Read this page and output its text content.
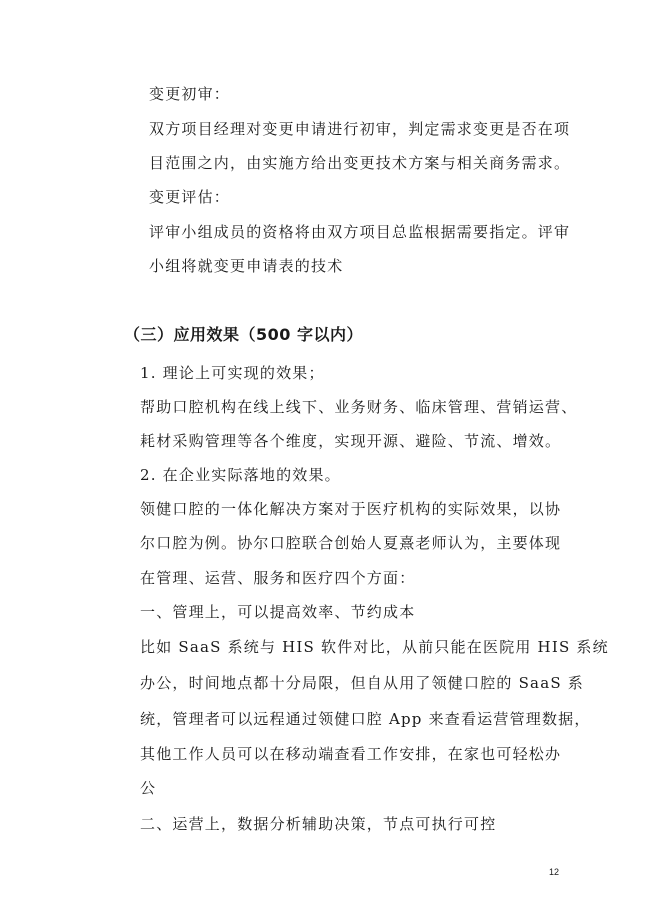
变更初审：
双方项目经理对变更申请进行初审，判定需求变更是否在项
目范围之内，由实施方给出变更技术方案与相关商务需求。
变更评估：
评审小组成员的资格将由双方项目总监根据需要指定。评审
小组将就变更申请表的技术
（三）应用效果（500 字以内）
1. 理论上可实现的效果；
帮助口腔机构在线上线下、业务财务、临床管理、营销运营、
耗材采购管理等各个维度，实现开源、避险、节流、增效。
2. 在企业实际落地的效果。
领健口腔的一体化解决方案对于医疗机构的实际效果，以协
尔口腔为例。协尔口腔联合创始人夏熹老师认为，主要体现
在管理、运营、服务和医疗四个方面：
一、管理上，可以提高效率、节约成本
比如 SaaS 系统与 HIS 软件对比，从前只能在医院用 HIS 系统
办公，时间地点都十分局限，但自从用了领健口腔的 SaaS 系
统，管理者可以远程通过领健口腔 App 来查看运营管理数据，
其他工作人员可以在移动端查看工作安排，在家也可轻松办
公
二、运营上，数据分析辅助决策，节点可执行可控
12
